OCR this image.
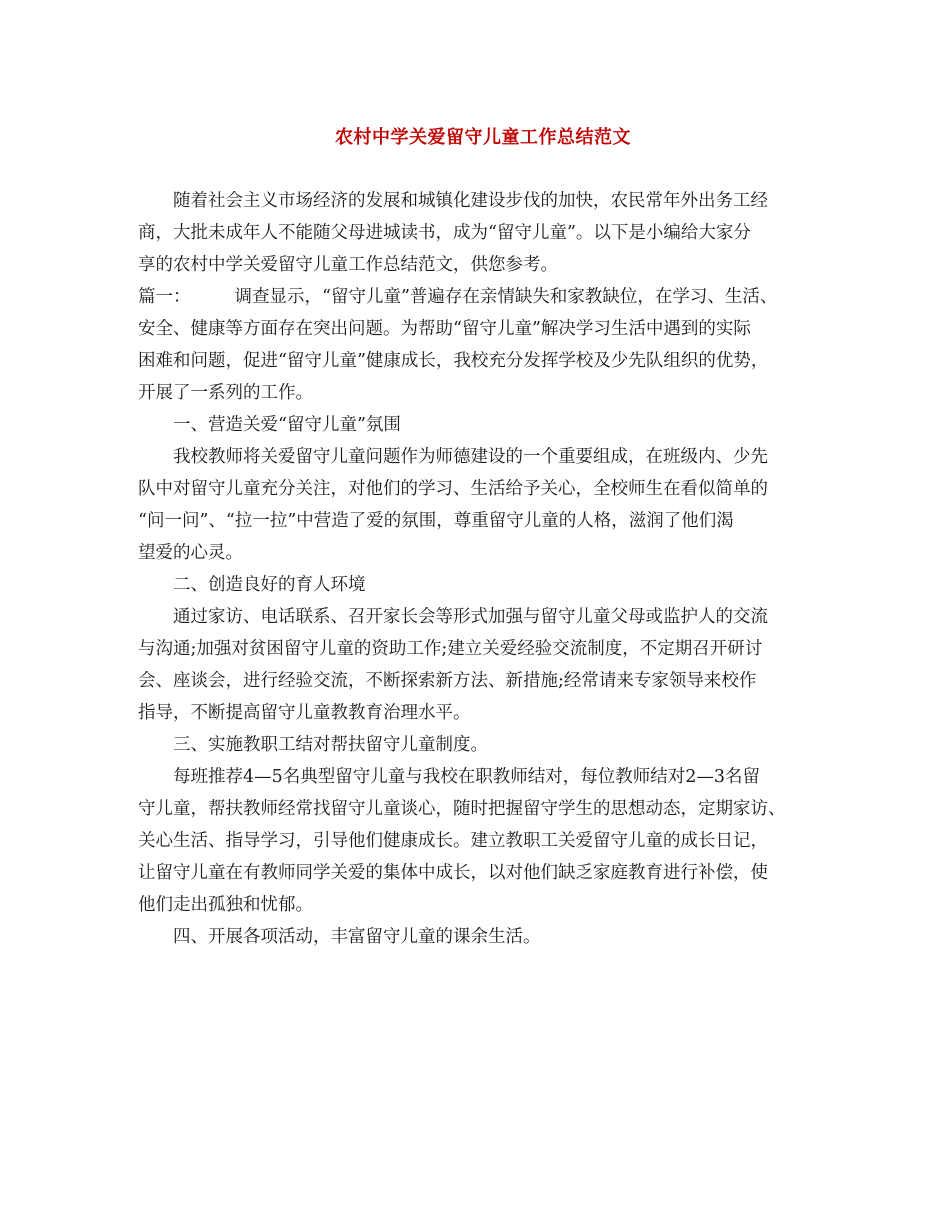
农村中学关爱留守儿童工作总结范文
随着社会主义市场经济的发展和城镇化建设步伐的加快，农民常年外出务工经
商，大批未成年人不能随父母进城读书，成为“留守儿童”。以下是小编给大家分
享的农村中学关爱留守儿童工作总结范文，供您参考。
篇一：	调查显示，“留守儿童”普遍存在亲情缺失和家教缺位，在学习、生活、
安全、健康等方面存在突出问题。为帮助“留守儿童”解决学习生活中遇到的实际
困难和问题，促进“留守儿童”健康成长，我校充分发挥学校及少先队组织的优势，
开展了一系列的工作。
一、营造关爱“留守儿童”氛围
我校教师将关爱留守儿童问题作为师德建设的一个重要组成，在班级内、少先
队中对留守儿童充分关注，对他们的学习、生活给予关心，全校师生在看似简单的
“问一问”、“拉一拉”中营造了爱的氛围，尊重留守儿童的人格，滋润了他们渴
望爱的心灵。
二、创造良好的育人环境
通过家访、电话联系、召开家长会等形式加强与留守儿童父母或监护人的交流
与沟通;加强对贫困留守儿童的资助工作;建立关爱经验交流制度，不定期召开研讨
会、座谈会，进行经验交流，不断探索新方法、新措施;经常请来专家领导来校作
指导，不断提高留守儿童教教育治理水平。
三、实施教职工结对帮扶留守儿童制度。
每班推荐4—5名典型留守儿童与我校在职教师结对，每位教师结对2—3名留
守儿童，帮扶教师经常找留守儿童谈心，随时把握留守学生的思想动态，定期家访、
关心生活、指导学习，引导他们健康成长。建立教职工关爱留守儿童的成长日记，
让留守儿童在有教师同学关爱的集体中成长，以对他们缺乏家庭教育进行补偿，使
他们走出孤独和忧郁。
四、开展各项活动，丰富留守儿童的课余生活。
